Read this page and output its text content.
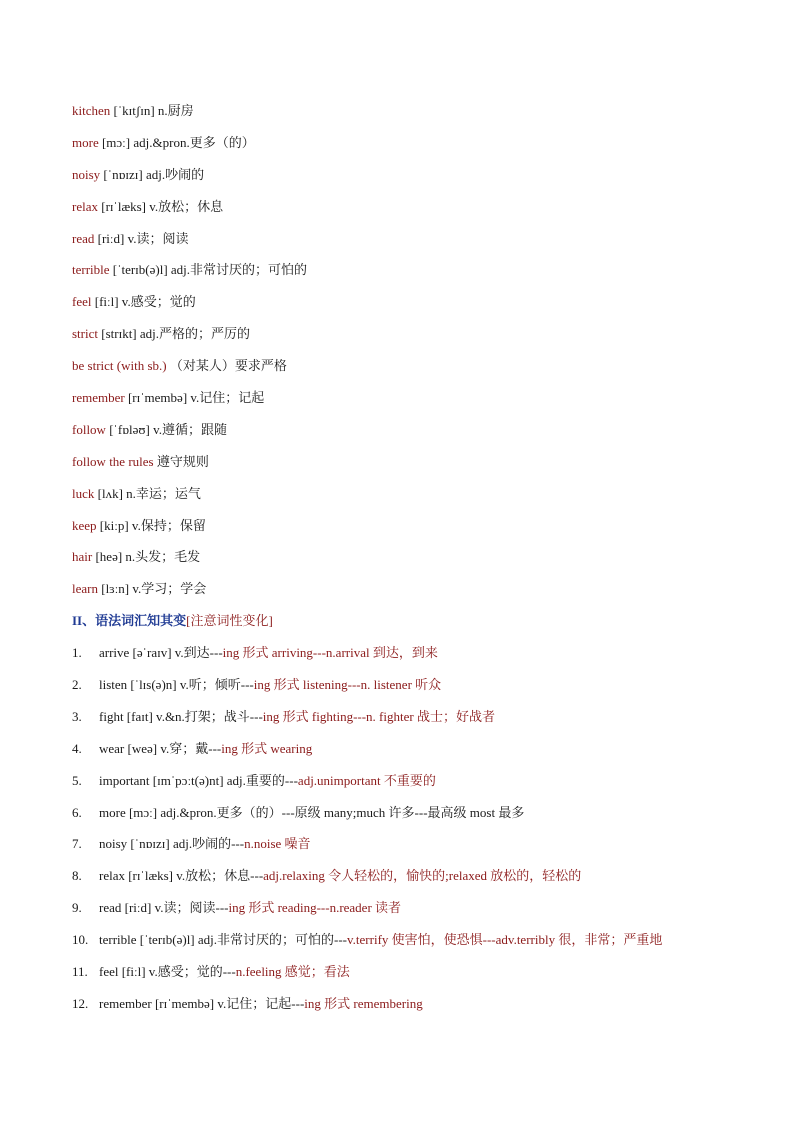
kitchen [ˈkɪtʃɪn] n.厨房
more [mɔː] adj.&pron.更多（的）
noisy [ˈnɒɪzɪ] adj.吵闹的
relax [rɪˈlæks] v.放松；休息
read [riːd] v.读；阅读
terrible [ˈterɪb(ə)l] adj.非常讨厌的；可怕的
feel [fiːl] v.感受；觉的
strict [strɪkt] adj.严格的；严厉的
be strict (with sb.) （对某人）要求严格
remember [rɪˈmembə] v.记住；记起
follow [ˈfɒləʊ] v.遵循；跟随
follow the rules 遵守规则
luck [lʌk] n.幸运；运气
keep [kiːp] v.保持；保留
hair [heə] n.头发；毛发
learn [lɜːn] v.学习；学会
II、语法词汇知其变[注意词性变化]
1.	arrive [əˈraɪv] v.到达---ing 形式 arriving---n.arrival 到达，到来
2.	listen [ˈlɪs(ə)n] v.听；倾听---ing 形式 listening---n. listener 听众
3.	fight [faɪt] v.&n.打架；战斗---ing 形式 fighting---n. fighter 战士；好战者
4.	wear [weə] v.穿；戴---ing 形式 wearing
5.	important [ɪmˈpɔːt(ə)nt] adj.重要的---adj.unimportant 不重要的
6.	more [mɔː] adj.&pron.更多（的）---原级 many;much 许多---最高级 most 最多
7.	noisy [ˈnɒɪzɪ] adj.吵闹的---n.noise 噪音
8.	relax [rɪˈlæks] v.放松；休息---adj.relaxing 令人轻松的，愉快的;relaxed 放松的，轻松的
9.	read [riːd] v.读；阅读---ing 形式 reading---n.reader 读者
10. terrible [ˈterɪb(ə)l] adj.非常讨厌的；可怕的---v.terrify 使害怕，使恐惧---adv.terribly 很，非常；严重地
11. feel [fiːl] v.感受；觉的---n.feeling 感觉；看法
12. remember [rɪˈmembə] v.记住；记起---ing 形式 remembering
